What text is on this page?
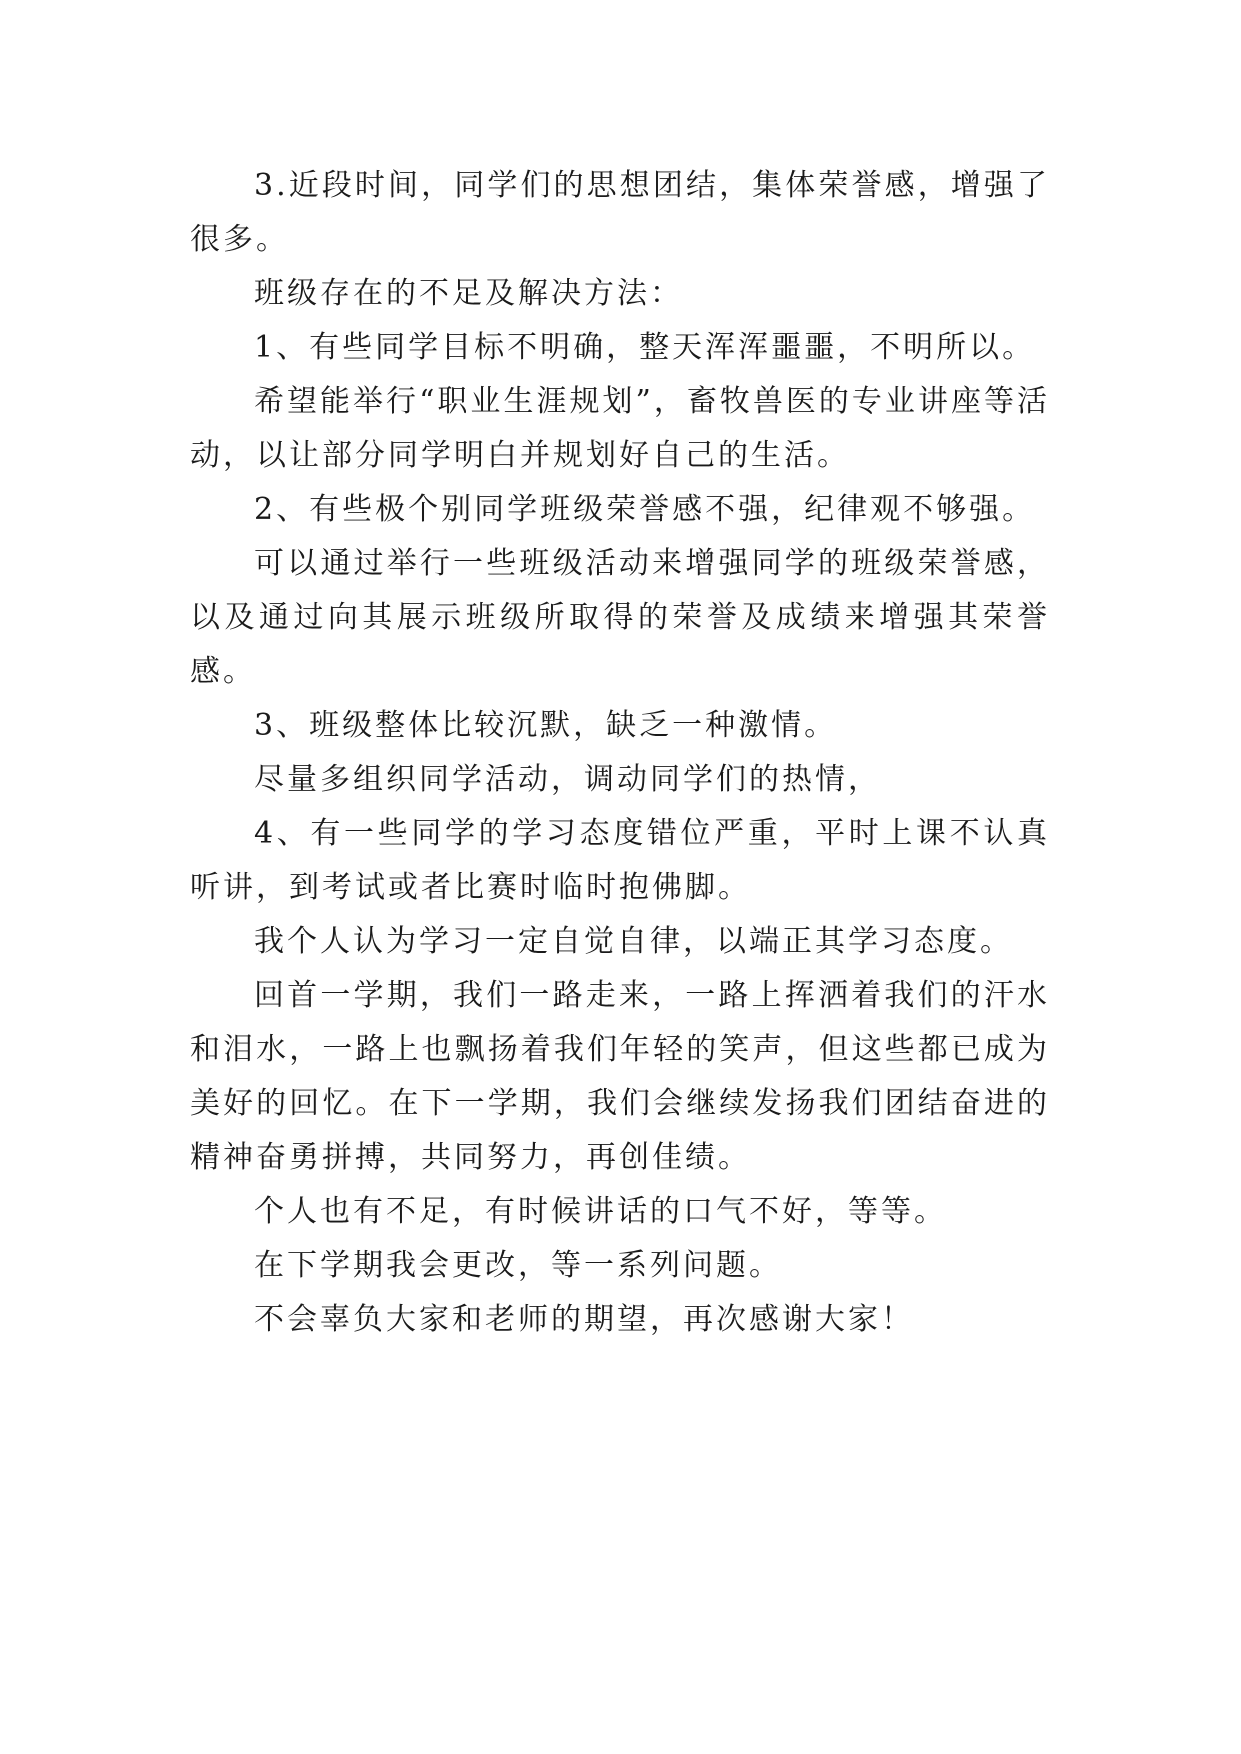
3.近段时间，同学们的思想团结，集体荣誉感，增强了很多。

班级存在的不足及解决方法：

1、有些同学目标不明确，整天浑浑噩噩，不明所以。

希望能举行“职业生涯规划”，畜牧兽医的专业讲座等活动，以让部分同学明白并规划好自己的生活。

2、有些极个别同学班级荣誉感不强，纪律观不够强。

可以通过举行一些班级活动来增强同学的班级荣誉感，以及通过向其展示班级所取得的荣誉及成绩来增强其荣誉感。

3、班级整体比较沉默，缺乏一种激情。

尽量多组织同学活动，调动同学们的热情，

4、有一些同学的学习态度错位严重，平时上课不认真听讲，到考试或者比赛时临时抱佛脚。

我个人认为学习一定自觉自律，以端正其学习态度。

回首一学期，我们一路走来，一路上挥洒着我们的汗水和泪水，一路上也飘扬着我们年轻的笑声，但这些都已成为美好的回忆。在下一学期，我们会继续发扬我们团结奋进的精神奋勇拼搏，共同努力，再创佳绩。

个人也有不足，有时候讲话的口气不好，等等。

在下学期我会更改，等一系列问题。

不会辜负大家和老师的期望，再次感谢大家！
